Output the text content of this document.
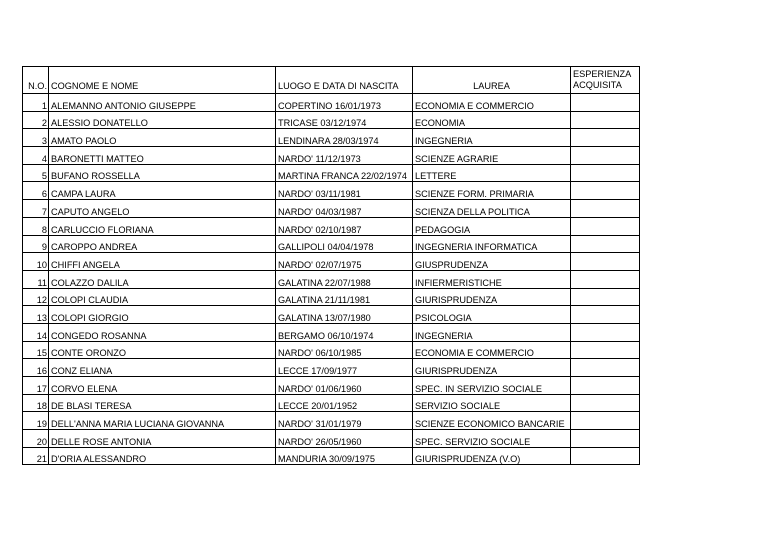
N.O.	COGNOME E NOME	LUOGO E DATA DI NASCITA	LAUREA	ESPERIENZA ACQUISITA
1	ALEMANNO ANTONIO GIUSEPPE	COPERTINO 16/01/1973	ECONOMIA E COMMERCIO	
2	ALESSIO DONATELLO	TRICASE 03/12/1974	ECONOMIA	
3	AMATO PAOLO	LENDINARA 28/03/1974	INGEGNERIA	
4	BARONETTI MATTEO	NARDO' 11/12/1973	SCIENZE AGRARIE	
5	BUFANO ROSSELLA	MARTINA FRANCA 22/02/1974	LETTERE	
6	CAMPA LAURA	NARDO' 03/11/1981	SCIENZE FORM. PRIMARIA	
7	CAPUTO ANGELO	NARDO' 04/03/1987	SCIENZA DELLA POLITICA	
8	CARLUCCIO FLORIANA	NARDO' 02/10/1987	PEDAGOGIA	
9	CAROPPO ANDREA	GALLIPOLI 04/04/1978	INGEGNERIA INFORMATICA	
10	CHIFFI ANGELA	NARDO' 02/07/1975	GIUSPRUDENZA	
11	COLAZZO DALILA	GALATINA 22/07/1988	INFIERMERISTICHE	
12	COLOPI CLAUDIA	GALATINA 21/11/1981	GIURISPRUDENZA	
13	COLOPI GIORGIO	GALATINA 13/07/1980	PSICOLOGIA	
14	CONGEDO ROSANNA	BERGAMO 06/10/1974	INGEGNERIA	
15	CONTE ORONZO	NARDO' 06/10/1985	ECONOMIA E COMMERCIO	
16	CONZ ELIANA	LECCE 17/09/1977	GIURISPRUDENZA	
17	CORVO ELENA	NARDO' 01/06/1960	SPEC. IN SERVIZIO SOCIALE	
18	DE BLASI TERESA	LECCE 20/01/1952	SERVIZIO SOCIALE	
19	DELL'ANNA MARIA LUCIANA GIOVANNA	NARDO' 31/01/1979	SCIENZE ECONOMICO BANCARIE	
20	DELLE ROSE ANTONIA	NARDO' 26/05/1960	SPEC. SERVIZIO SOCIALE	
21	D'ORIA ALESSANDRO	MANDURIA 30/09/1975	GIURISPRUDENZA (V.O)	
